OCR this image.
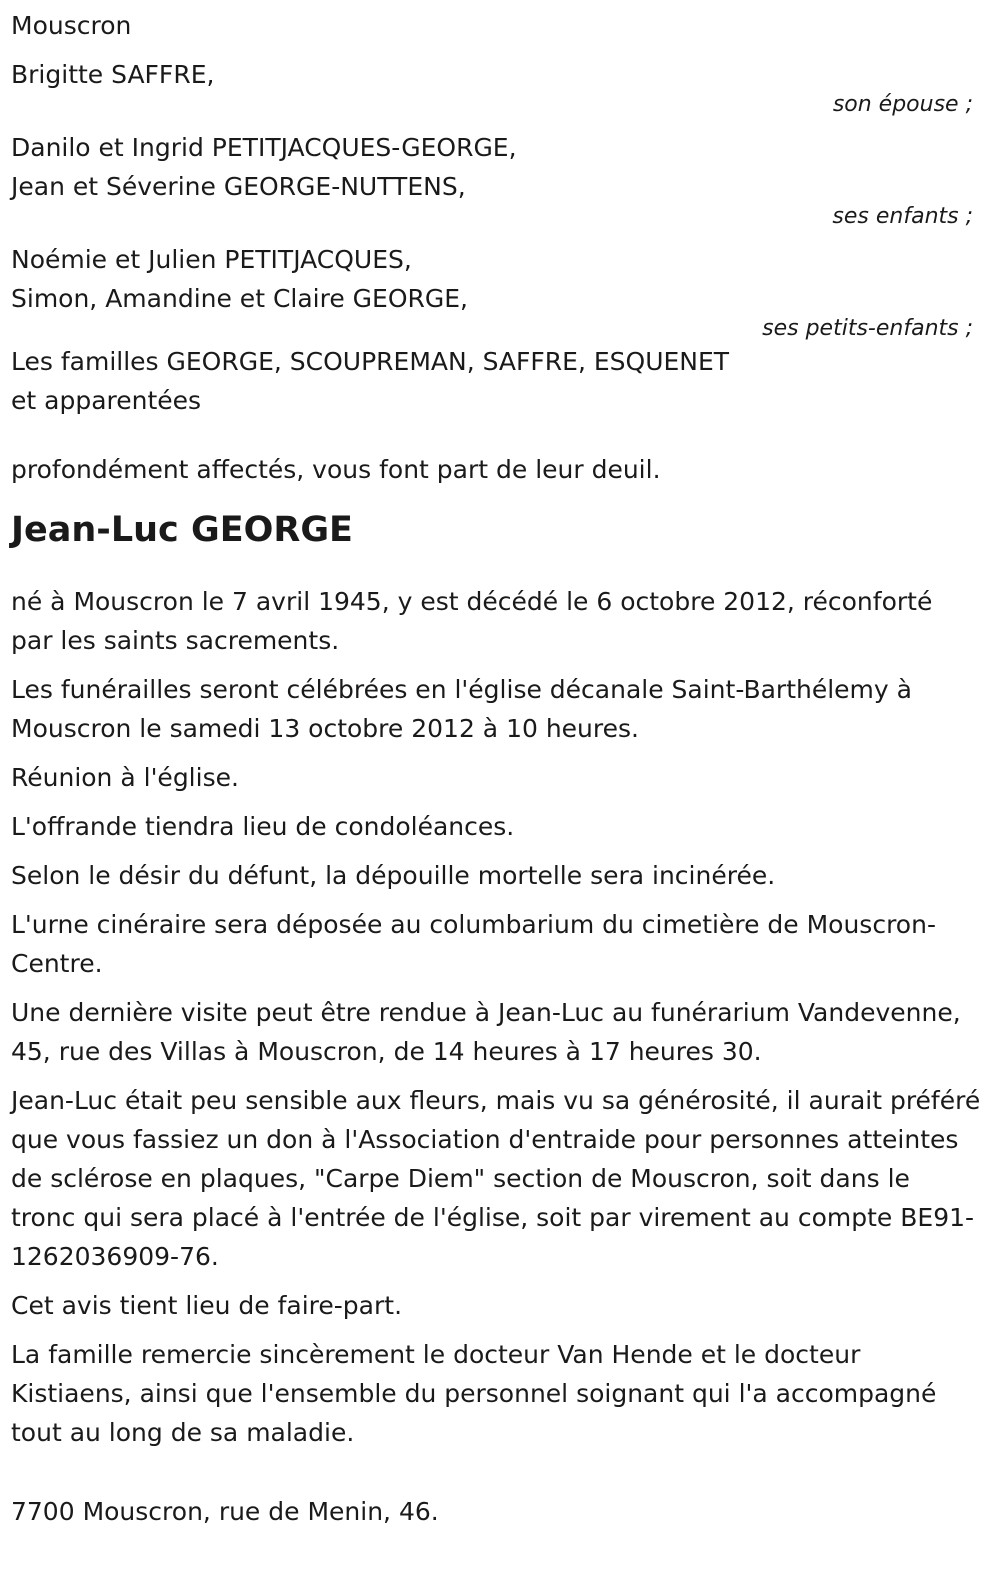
Mouscron

Brigitte SAFFRE,

son épouse ;

Danilo et Ingrid PETITJACQUES-GEORGE,

Jean et Séverine GEORGE-NUTTENS,

ses enfants ;

Noémie et Julien PETITJACQUES,

Simon, Amandine et Claire GEORGE,

ses petits-enfants ;

Les familles GEORGE, SCOUPREMAN, SAFFRE, ESQUENET

et apparentées

profondément affectés, vous font part de leur deuil.

Jean-Luc GEORGE

né à Mouscron le 7 avril 1945, y est décédé le 6 octobre 2012, réconforté par les saints sacrements.

Les funérailles seront célébrées en l'église décanale Saint-Barthélemy à Mouscron le samedi 13 octobre 2012 à 10 heures.

Réunion à l'église.

L'offrande tiendra lieu de condoléances.

Selon le désir du défunt, la dépouille mortelle sera incinérée.

L'urne cinéraire sera déposée au columbarium du cimetière de Mouscron-Centre.

Une dernière visite peut être rendue à Jean-Luc au funérarium Vandevenne, 45, rue des Villas à Mouscron, de 14 heures à 17 heures 30.

Jean-Luc était peu sensible aux fleurs, mais vu sa générosité, il aurait préféré que vous fassiez un don à l'Association d'entraide pour personnes atteintes de sclérose en plaques, "Carpe Diem" section de Mouscron, soit dans le tronc qui sera placé à l'entrée de l'église, soit par virement au compte BE91-1262036909-76.

Cet avis tient lieu de faire-part.

La famille remercie sincèrement le docteur Van Hende et le docteur Kistiaens, ainsi que l'ensemble du personnel soignant qui l'a accompagné tout au long de sa maladie.

7700 Mouscron, rue de Menin, 46.
